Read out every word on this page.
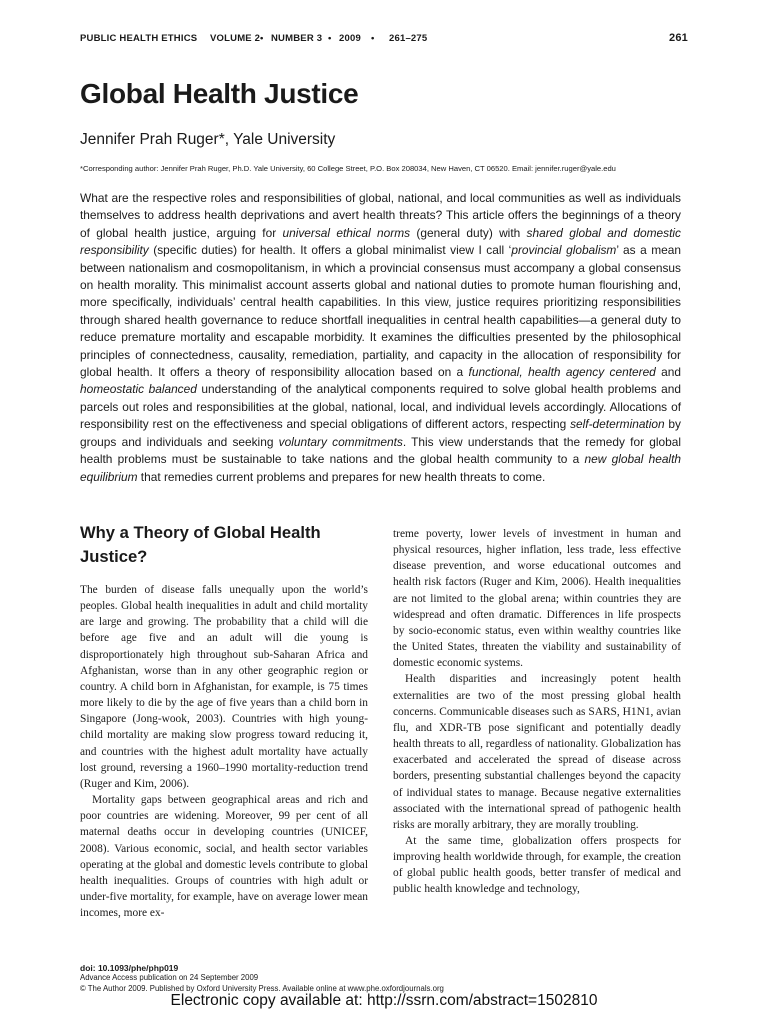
PUBLIC HEALTH ETHICS VOLUME 2 • NUMBER 3 • 2009 • 261–275	261
Global Health Justice
Jennifer Prah Ruger*, Yale University
*Corresponding author: Jennifer Prah Ruger, Ph.D. Yale University, 60 College Street, P.O. Box 208034, New Haven, CT 06520. Email: jennifer.ruger@yale.edu

What are the respective roles and responsibilities of global, national, and local communities as well as individuals themselves to address health deprivations and avert health threats? This article offers the beginnings of a theory of global health justice, arguing for universal ethical norms (general duty) with shared global and domestic responsibility (specific duties) for health. It offers a global minimalist view I call ‘provincial globalism’ as a mean between nationalism and cosmopolitanism, in which a provincial consensus must accompany a global consensus on health morality. This minimalist account asserts global and national duties to promote human flourishing and, more specifically, individuals’ central health capabilities. In this view, justice requires prioritizing responsibilities through shared health governance to reduce shortfall inequalities in central health capabilities—a general duty to reduce premature mortality and escapable morbidity. It examines the difficulties presented by the philosophical principles of connectedness, causality, remediation, partiality, and capacity in the allocation of responsibility for global health. It offers a theory of responsibility allocation based on a functional, health agency centered and homeostatic balanced understanding of the analytical components required to solve global health problems and parcels out roles and responsibilities at the global, national, local, and individual levels accordingly. Allocations of responsibility rest on the effectiveness and special obligations of different actors, respecting self-determination by groups and individuals and seeking voluntary commitments. This view understands that the remedy for global health problems must be sustainable to take nations and the global health community to a new global health equilibrium that remedies current problems and prepares for new health threats to come.

Why a Theory of Global Health Justice?

The burden of disease falls unequally upon the world’s peoples. Global health inequalities in adult and child mortality are large and growing. The probability that a child will die before age five and an adult will die young is disproportionately high throughout sub-Saharan Africa and Afghanistan, worse than in any other geographic region or country. A child born in Afghanistan, for example, is 75 times more likely to die by the age of five years than a child born in Singapore (Jong-wook, 2003). Countries with high young-child mortality are making slow progress toward reducing it, and countries with the highest adult mortality have actually lost ground, reversing a 1960–1990 mortality-reduction trend (Ruger and Kim, 2006).

Mortality gaps between geographical areas and rich and poor countries are widening. Moreover, 99 per cent of all maternal deaths occur in developing countries (UNICEF, 2008). Various economic, social, and health sector variables operating at the global and domestic levels contribute to global health inequalities. Groups of countries with high adult or under-five mortality, for example, have on average lower mean incomes, more ex-

treme poverty, lower levels of investment in human and physical resources, higher inflation, less trade, less effective disease prevention, and worse educational outcomes and health risk factors (Ruger and Kim, 2006). Health inequalities are not limited to the global arena; within countries they are widespread and often dramatic. Differences in life prospects by socio-economic status, even within wealthy countries like the United States, threaten the viability and sustainability of domestic economic systems.

Health disparities and increasingly potent health externalities are two of the most pressing global health concerns. Communicable diseases such as SARS, H1N1, avian flu, and XDR-TB pose significant and potentially deadly health threats to all, regardless of nationality. Globalization has exacerbated and accelerated the spread of disease across borders, presenting substantial challenges beyond the capacity of individual states to manage. Because negative externalities associated with the international spread of pathogenic health risks are morally arbitrary, they are morally troubling.

At the same time, globalization offers prospects for improving health worldwide through, for example, the creation of global public health goods, better transfer of medical and public health knowledge and technology,

doi: 10.1093/phe/php019
Advance Access publication on 24 September 2009
© The Author 2009. Published by Oxford University Press. Available online at www.phe.oxfordjournals.org
Electronic copy available at: http://ssrn.com/abstract=1502810
